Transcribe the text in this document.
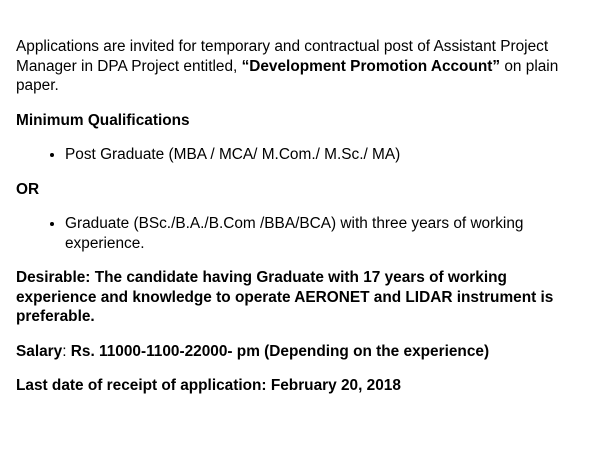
Applications are invited for temporary and contractual post of Assistant Project Manager in DPA Project entitled, “Development Promotion Account” on plain paper.

Minimum Qualifications

• Post Graduate (MBA / MCA/ M.Com./ M.Sc./ MA)

OR

• Graduate (BSc./B.A./B.Com /BBA/BCA) with three years of working experience.

Desirable: The candidate having Graduate with 17 years of working experience and knowledge to operate AERONET and LIDAR instrument is preferable.

Salary: Rs. 11000-1100-22000- pm (Depending on the experience)

Last date of receipt of application: February 20, 2018
